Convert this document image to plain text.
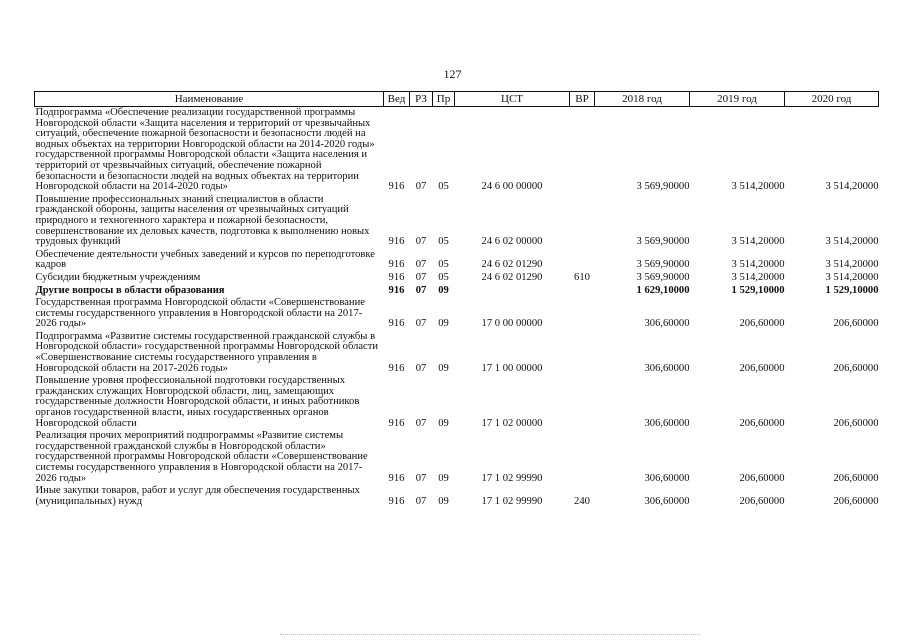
127
Наименование	Вед	РЗ	Пр	ЦСТ	ВР	2018 год	2019 год	2020 год
Подпрограмма «Обеспечение реализации государственной программы Новгородской области «Защита населения и территорий от чрезвычайных ситуаций, обеспечение пожарной безопасности и безопасности людей на водных объектах на территории Новгородской области на 2014-2020 годы» государственной программы Новгородской области «Защита населения и территорий от чрезвычайных ситуаций, обеспечение пожарной безопасности и безопасности людей на водных объектах на территории Новгородской области на 2014-2020 годы»	916	07	05	24 6 00 00000		3 569,90000	3 514,20000	3 514,20000
Повышение профессиональных знаний специалистов в области гражданской обороны, защиты населения от чрезвычайных ситуаций природного и техногенного характера и пожарной безопасности, совершенствование их деловых качеств, подготовка к выполнению новых трудовых функций	916	07	05	24 6 02 00000		3 569,90000	3 514,20000	3 514,20000
Обеспечение деятельности учебных заведений и курсов по переподготовке кадров	916	07	05	24 6 02 01290		3 569,90000	3 514,20000	3 514,20000
Субсидии бюджетным учреждениям	916	07	05	24 6 02 01290	610	3 569,90000	3 514,20000	3 514,20000
Другие вопросы в области образования	916	07	09			1 629,10000	1 529,10000	1 529,10000
Государственная программа Новгородской области «Совершенствование системы государственного управления в Новгородской области на 2017-2026 годы»	916	07	09	17 0 00 00000		306,60000	206,60000	206,60000
Подпрограмма «Развитие системы государственной гражданской службы в Новгородской области» государственной программы Новгородской области «Совершенствование системы государственного управления в Новгородской области на 2017-2026 годы»	916	07	09	17 1 00 00000		306,60000	206,60000	206,60000
Повышение уровня профессиональной подготовки государственных гражданских служащих Новгородской области, лиц, замещающих государственные должности Новгородской области, и иных работников органов государственной власти, иных государственных органов Новгородской области	916	07	09	17 1 02 00000		306,60000	206,60000	206,60000
Реализация прочих мероприятий подпрограммы «Развитие системы государственной гражданской службы в Новгородской области» государственной программы Новгородской области «Совершенствование системы государственного управления в Новгородской области на 2017-2026 годы»	916	07	09	17 1 02 99990		306,60000	206,60000	206,60000
Иные закупки товаров, работ и услуг для обеспечения государственных (муниципальных) нужд	916	07	09	17 1 02 99990	240	306,60000	206,60000	206,60000
